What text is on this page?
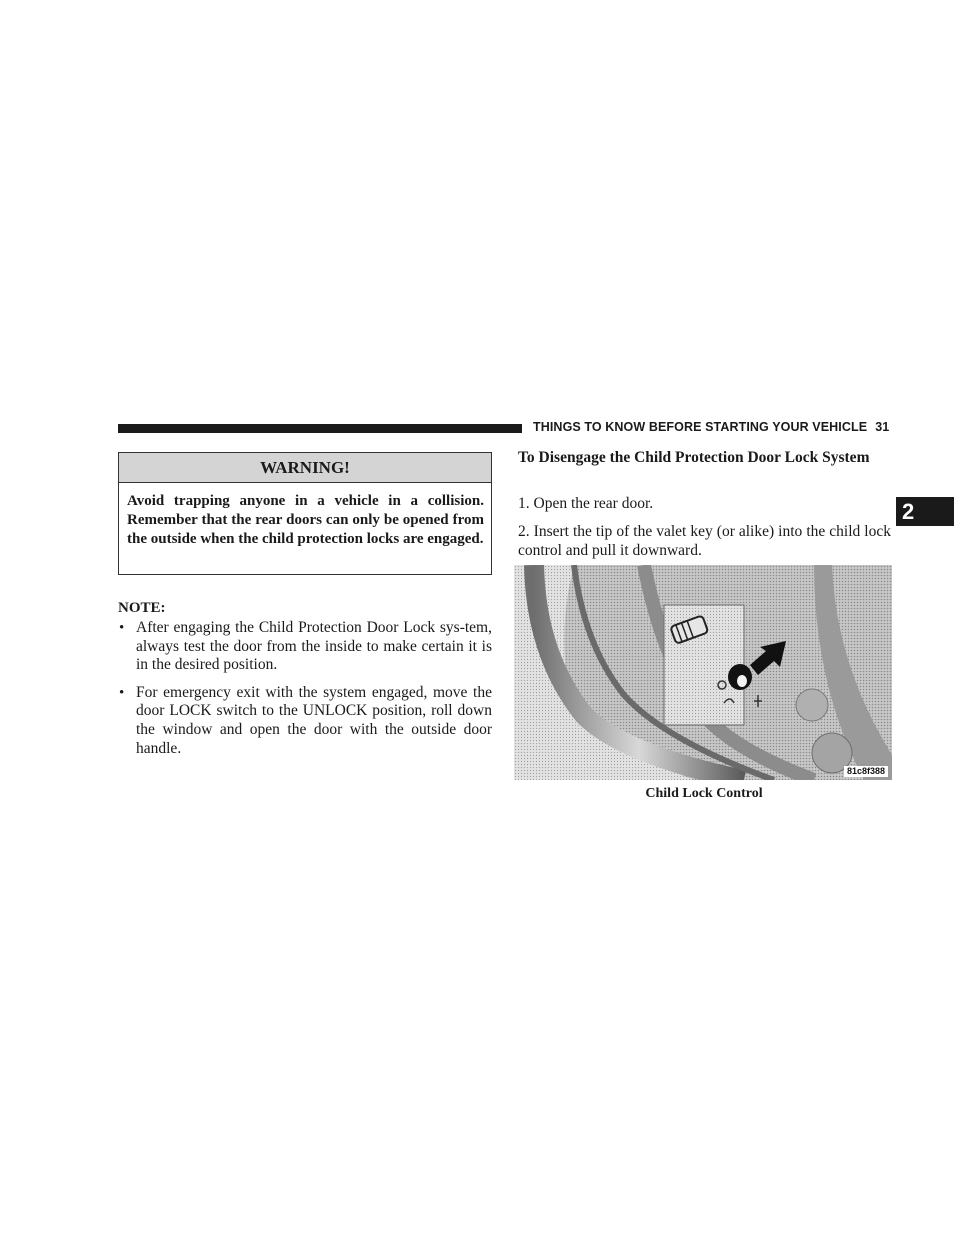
THINGS TO KNOW BEFORE STARTING YOUR VEHICLE 31
2
WARNING!
Avoid trapping anyone in a vehicle in a collision. Remember that the rear doors can only be opened from the outside when the child protection locks are engaged.
NOTE:
• After engaging the Child Protection Door Lock sys-tem, always test the door from the inside to make certain it is in the desired position.
• For emergency exit with the system engaged, move the door LOCK switch to the UNLOCK position, roll down the window and open the door with the outside door handle.
To Disengage the Child Protection Door Lock System
1. Open the rear door.
2. Insert the tip of the valet key (or alike) into the child lock control and pull it downward.
81c8f388
Child Lock Control
